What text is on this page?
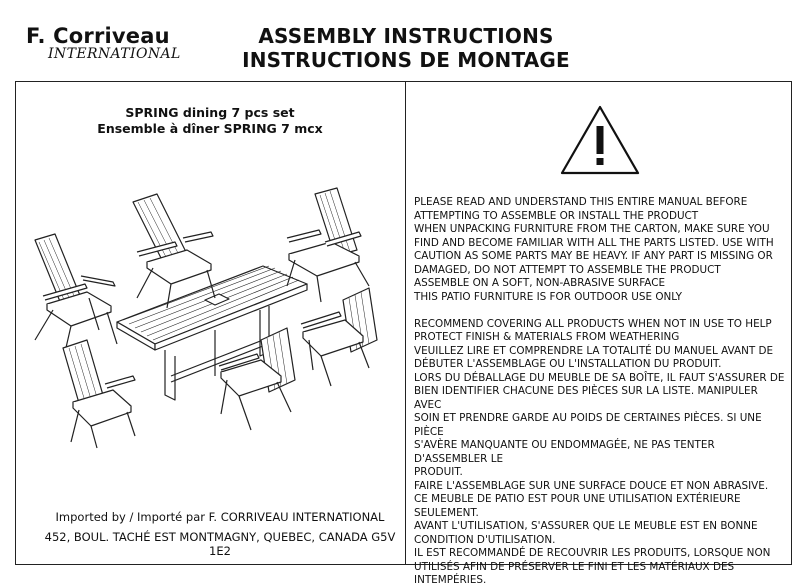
F. Corriveau
INTERNATIONAL
ASSEMBLY INSTRUCTIONS
INSTRUCTIONS DE MONTAGE
SPRING dining 7 pcs set
Ensemble à dîner SPRING 7 mcx
PLEASE READ AND UNDERSTAND THIS ENTIRE MANUAL BEFORE
ATTEMPTING TO ASSEMBLE OR INSTALL THE PRODUCT
WHEN UNPACKING FURNITURE FROM THE CARTON, MAKE SURE YOU
FIND AND BECOME FAMILIAR WITH ALL THE PARTS LISTED. USE WITH
CAUTION AS SOME PARTS MAY BE HEAVY. IF ANY PART IS MISSING OR
DAMAGED, DO NOT ATTEMPT TO ASSEMBLE THE PRODUCT
ASSEMBLE ON A SOFT, NON-ABRASIVE SURFACE
THIS PATIO FURNITURE IS FOR OUTDOOR USE ONLY
RECOMMEND COVERING ALL PRODUCTS WHEN NOT IN USE TO HELP
PROTECT FINISH & MATERIALS FROM WEATHERING
VEUILLEZ LIRE ET COMPRENDRE LA TOTALITÉ DU MANUEL AVANT DE
DÉBUTER L'ASSEMBLAGE OU L'INSTALLATION DU PRODUIT.
LORS DU DÉBALLAGE DU MEUBLE DE SA BOÎTE, IL FAUT S'ASSURER DE
BIEN IDENTIFIER CHACUNE DES PIÈCES SUR LA LISTE. MANIPULER AVEC
SOIN ET PRENDRE GARDE AU POIDS DE CERTAINES PIÈCES. SI UNE PIÈCE
S'AVÈRE MANQUANTE OU ENDOMMAGÉE, NE PAS TENTER D'ASSEMBLER LE
PRODUIT.
FAIRE L'ASSEMBLAGE SUR UNE SURFACE DOUCE ET NON ABRASIVE.
CE MEUBLE DE PATIO EST POUR UNE UTILISATION EXTÉRIEURE
SEULEMENT.
AVANT L'UTILISATION, S'ASSURER QUE LE MEUBLE EST EN BONNE
CONDITION D'UTILISATION.
IL EST RECOMMANDÉ DE RECOUVRIR LES PRODUITS, LORSQUE NON
UTILISÉS AFIN DE PRÉSERVER LE FINI ET LES MATÉRIAUX DES
INTEMPÉRIES.
Imported by / Importé par F. CORRIVEAU INTERNATIONAL
452, BOUL. TACHÉ EST MONTMAGNY, QUEBEC, CANADA G5V 1E2
